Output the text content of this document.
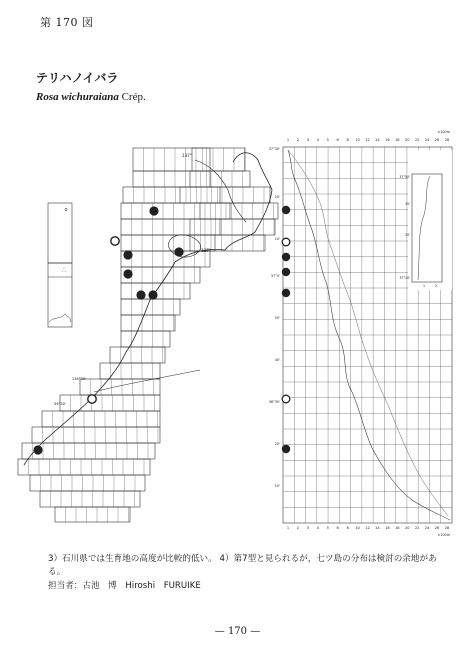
第 170 図
テリハノイバラ
Rosa wichuraiana Crép.
137°
137°
136°30'
36°30'
o
∴
1 2 3 4 5 6 8 10 12 14 16 18 20 22 24 26 28
1 2 3 4 5 6 8 10 12 14 16 18 20 22 24 26 28
×100m
×100m
37°30'
20'
10'
37°0'
50'
40'
36°30'
20'
10'
37°50'
30'
20'
37°10'
1	2

3）石川県では生育地の高度が比較的低い。 4）第7型と見られるが，七ツ島の分布は検討の余地がある。

担当者：古池　博　Hiroshi　FURUIKE
— 170 —
